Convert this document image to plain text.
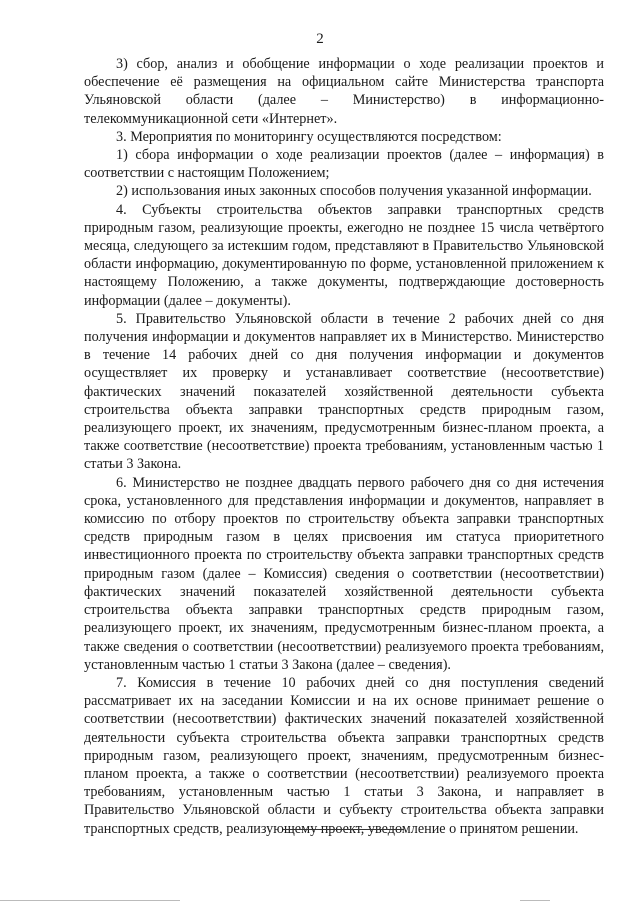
2

3) сбор, анализ и обобщение информации о ходе реализации проектов и обеспечение её размещения на официальном сайте Министерства транспорта Ульяновской области (далее – Министерство) в информационно-телекоммуникационной сети «Интернет».

3. Мероприятия по мониторингу осуществляются посредством:

1) сбора информации о ходе реализации проектов (далее – информация) в соответствии с настоящим Положением;

2) использования иных законных способов получения указанной информации.

4. Субъекты строительства объектов заправки транспортных средств природным газом, реализующие проекты, ежегодно не позднее 15 числа четвёртого месяца, следующего за истекшим годом, представляют в Правительство Ульяновской области информацию, документированную по форме, установленной приложением к настоящему Положению, а также документы, подтверждающие достоверность информации (далее – документы).

5. Правительство Ульяновской области в течение 2 рабочих дней со дня получения информации и документов направляет их в Министерство. Министерство в течение 14 рабочих дней со дня получения информации и документов осуществляет их проверку и устанавливает соответствие (несоответствие) фактических значений показателей хозяйственной деятельности субъекта строительства объекта заправки транспортных средств природным газом, реализующего проект, их значениям, предусмотренным бизнес-планом проекта, а также соответствие (несоответствие) проекта требованиям, установленным частью 1 статьи 3 Закона.

6. Министерство не позднее двадцать первого рабочего дня со дня истечения срока, установленного для представления информации и документов, направляет в комиссию по отбору проектов по строительству объекта заправки транспортных средств природным газом в целях присвоения им статуса приоритетного инвестиционного проекта по строительству объекта заправки транспортных средств природным газом (далее – Комиссия) сведения о соответствии (несоответствии) фактических значений показателей хозяйственной деятельности субъекта строительства объекта заправки транспортных средств природным газом, реализующего проект, их значениям, предусмотренным бизнес-планом проекта, а также сведения о соответствии (несоответствии) реализуемого проекта требованиям, установленным частью 1 статьи 3 Закона (далее – сведения).

7. Комиссия в течение 10 рабочих дней со дня поступления сведений рассматривает их на заседании Комиссии и на их основе принимает решение о соответствии (несоответствии) фактических значений показателей хозяйственной деятельности субъекта строительства объекта заправки транспортных средств природным газом, реализующего проект, значениям, предусмотренным бизнес-планом проекта, а также о соответствии (несоответствии) реализуемого проекта требованиям, установленным частью 1 статьи 3 Закона, и направляет в Правительство Ульяновской области и субъекту строительства объекта заправки транспортных средств, реализующему проект, уведомление о принятом решении.
